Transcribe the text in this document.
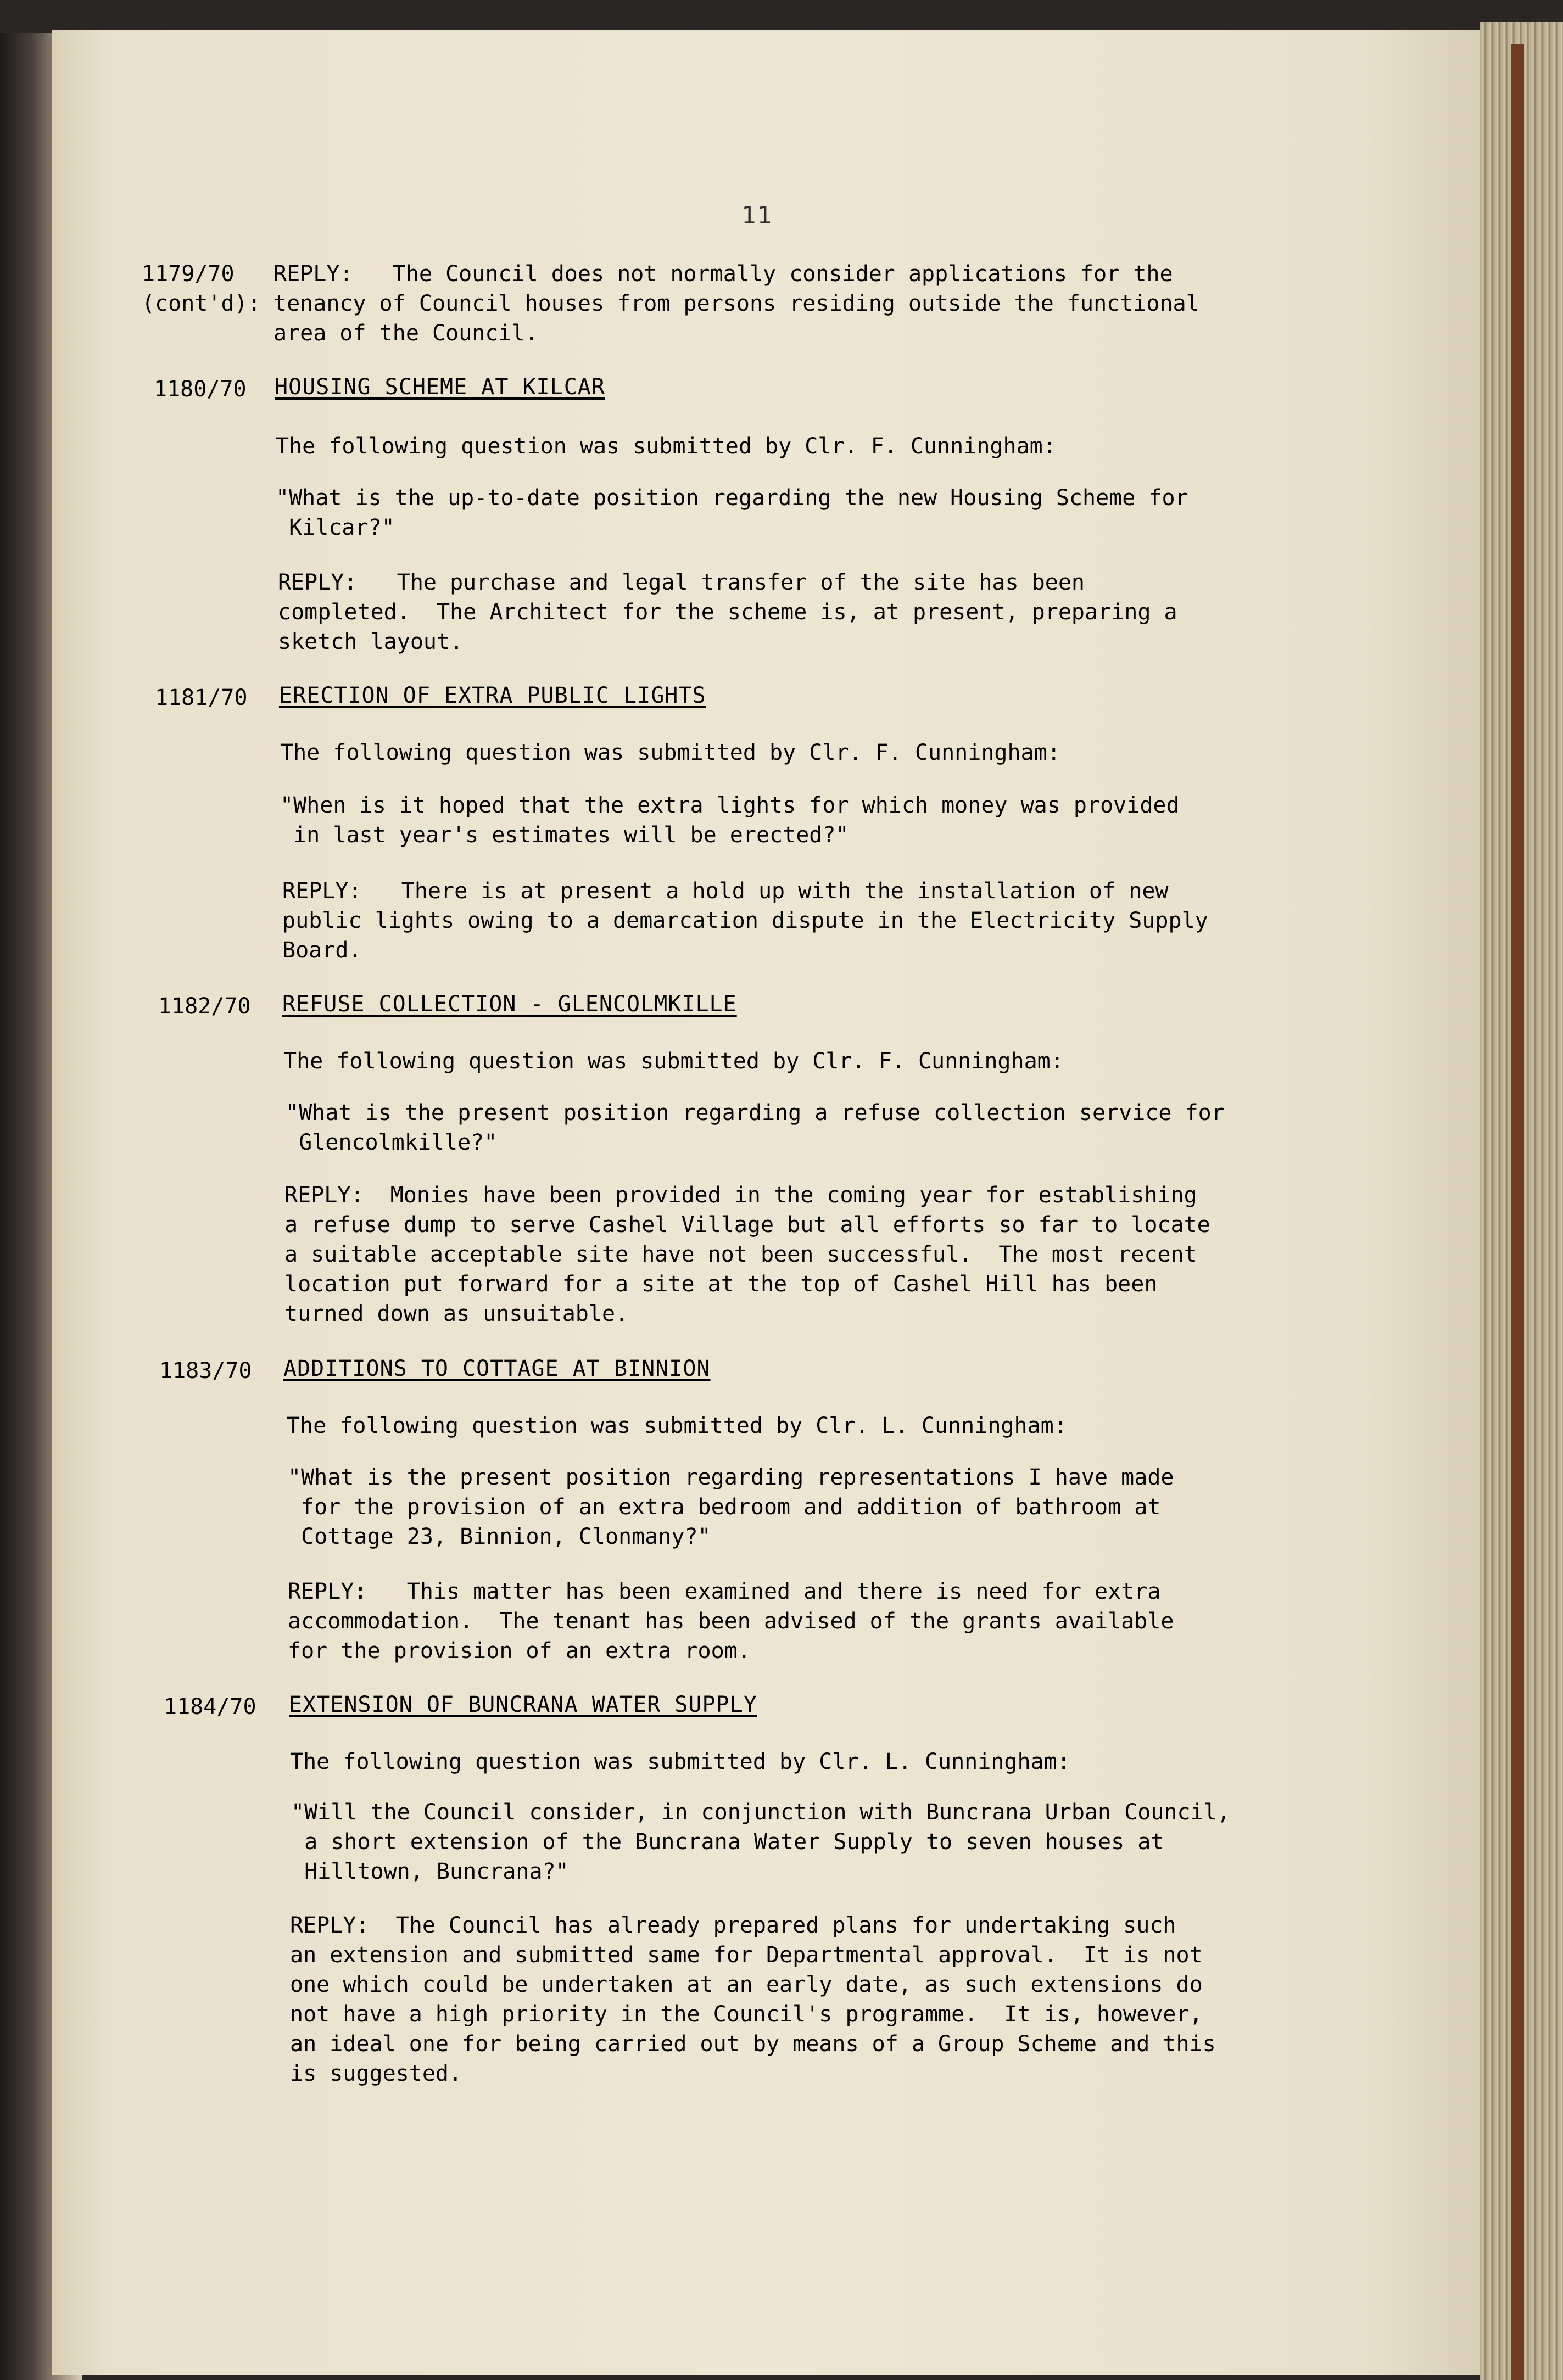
11
1179/70
(cont'd):
REPLY:   The Council does not normally consider applications for the
tenancy of Council houses from persons residing outside the functional
area of the Council.
1180/70 HOUSING SCHEME AT KILCAR
The following question was submitted by Clr. F. Cunningham:
"What is the up-to-date position regarding the new Housing Scheme for
Kilcar?"
REPLY:   The purchase and legal transfer of the site has been
completed.  The Architect for the scheme is, at present, preparing a
sketch layout.
1181/70 ERECTION OF EXTRA PUBLIC LIGHTS
The following question was submitted by Clr. F. Cunningham:
"When is it hoped that the extra lights for which money was provided
in last year's estimates will be erected?"
REPLY:   There is at present a hold up with the installation of new
public lights owing to a demarcation dispute in the Electricity Supply
Board.
1182/70 REFUSE COLLECTION - GLENCOLMKILLE
The following question was submitted by Clr. F. Cunningham:
"What is the present position regarding a refuse collection service for
Glencolmkille?"
REPLY:  Monies have been provided in the coming year for establishing
a refuse dump to serve Cashel Village but all efforts so far to locate
a suitable acceptable site have not been successful.  The most recent
location put forward for a site at the top of Cashel Hill has been
turned down as unsuitable.
1183/70 ADDITIONS TO COTTAGE AT BINNION
The following question was submitted by Clr. L. Cunningham:
"What is the present position regarding representations I have made
for the provision of an extra bedroom and addition of bathroom at
Cottage 23, Binnion, Clonmany?"
REPLY:   This matter has been examined and there is need for extra
accommodation.  The tenant has been advised of the grants available
for the provision of an extra room.
1184/70 EXTENSION OF BUNCRANA WATER SUPPLY
The following question was submitted by Clr. L. Cunningham:
"Will the Council consider, in conjunction with Buncrana Urban Council,
a short extension of the Buncrana Water Supply to seven houses at
Hilltown, Buncrana?"
REPLY:  The Council has already prepared plans for undertaking such
an extension and submitted same for Departmental approval.  It is not
one which could be undertaken at an early date, as such extensions do
not have a high priority in the Council's programme.  It is, however,
an ideal one for being carried out by means of a Group Scheme and this
is suggested.
